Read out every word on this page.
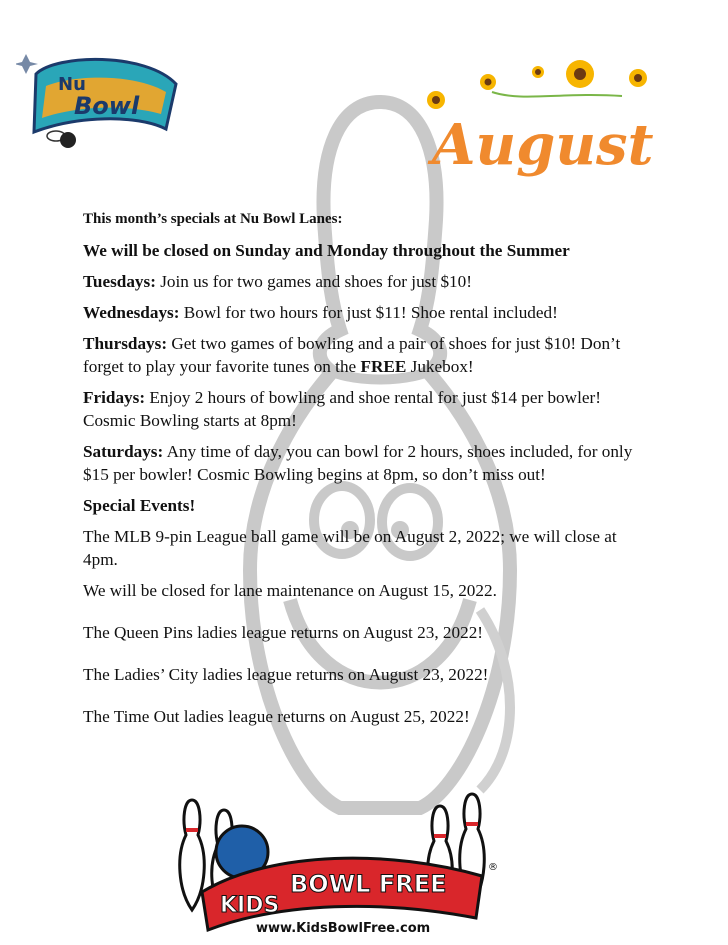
Nu
Bowl
IT'S JUST FUN!	August

This month’s specials at Nu Bowl Lanes:

We will be closed on Sunday and Monday throughout the Summer

Tuesdays: Join us for two games and shoes for just $10!

Wednesdays: Bowl for two hours for just $11! Shoe rental included!

Thursdays: Get two games of bowling and a pair of shoes for just $10! Don’t forget to play your favorite tunes on the FREE Jukebox!

Fridays: Enjoy 2 hours of bowling and shoe rental for just $14 per bowler! Cosmic Bowling starts at 8pm!

Saturdays: Any time of day, you can bowl for 2 hours, shoes included, for only $15 per bowler! Cosmic Bowling begins at 8pm, so don’t miss out!

Special Events!

The MLB 9-pin League ball game will be on August 2, 2022; we will close at 4pm.

We will be closed for lane maintenance on August 15, 2022.

The Queen Pins ladies league returns on August 23, 2022!

The Ladies’ City ladies league returns on August 23, 2022!

The Time Out ladies league returns on August 25, 2022!

KIDS
BOWL FREE
®
www.KidsBowlFree.com
